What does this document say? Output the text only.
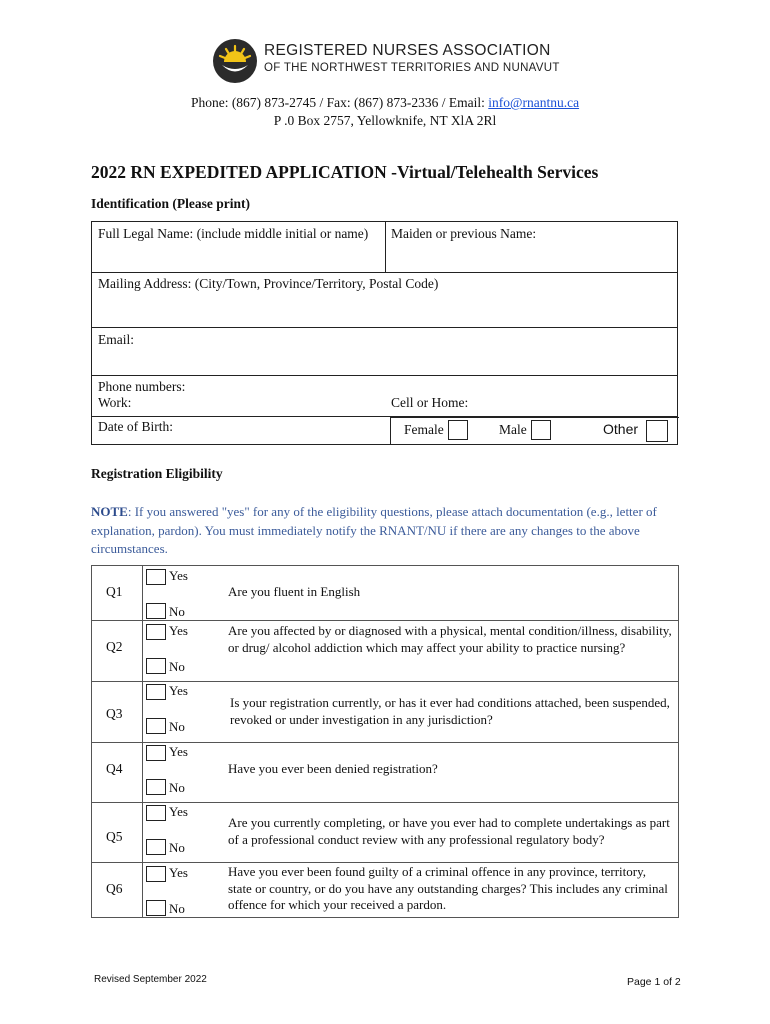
REGISTERED NURSES ASSOCIATION
OF THE NORTHWEST TERRITORIES AND NUNAVUT
Phone: (867) 873-2745 / Fax: (867) 873-2336 / Email: info@rnantnu.ca
P .0 Box 2757, Yellowknife, NT XlA 2Rl
2022 RN EXPEDITED APPLICATION -Virtual/Telehealth Services
Identification (Please print)
Full Legal Name: (include middle initial or name) Maiden or previous Name:
Mailing Address: (City/Town, Province/Territory, Postal Code)
Email:
Phone numbers:
Work:	Cell or Home:
Date of Birth:	Female	Male	Other
Registration Eligibility
NOTE: If you answered "yes" for any of the eligibility questions, please attach documentation (e.g., letter of explanation, pardon). You must immediately notify the RNANT/NU if there are any changes to the above circumstances.
Q1
Yes
No
Are you fluent in English
Q2
Yes
No
Are you affected by or diagnosed with a physical, mental condition/illness, disability, or drug/ alcohol addiction which may affect your ability to practice nursing?
Q3
Yes
No
Is your registration currently, or has it ever had conditions attached, been suspended, revoked or under investigation in any jurisdiction?
Q4
Yes
No
Have you ever been denied registration?
Q5
Yes
No
Are you currently completing, or have you ever had to complete undertakings as part of a professional conduct review with any professional regulatory body?
Q6
Yes
No
Have you ever been found guilty of a criminal offence in any province, territory, state or country, or do you have any outstanding charges? This includes any criminal offence for which your received a pardon.
Revised September 2022	Page 1 of 2
